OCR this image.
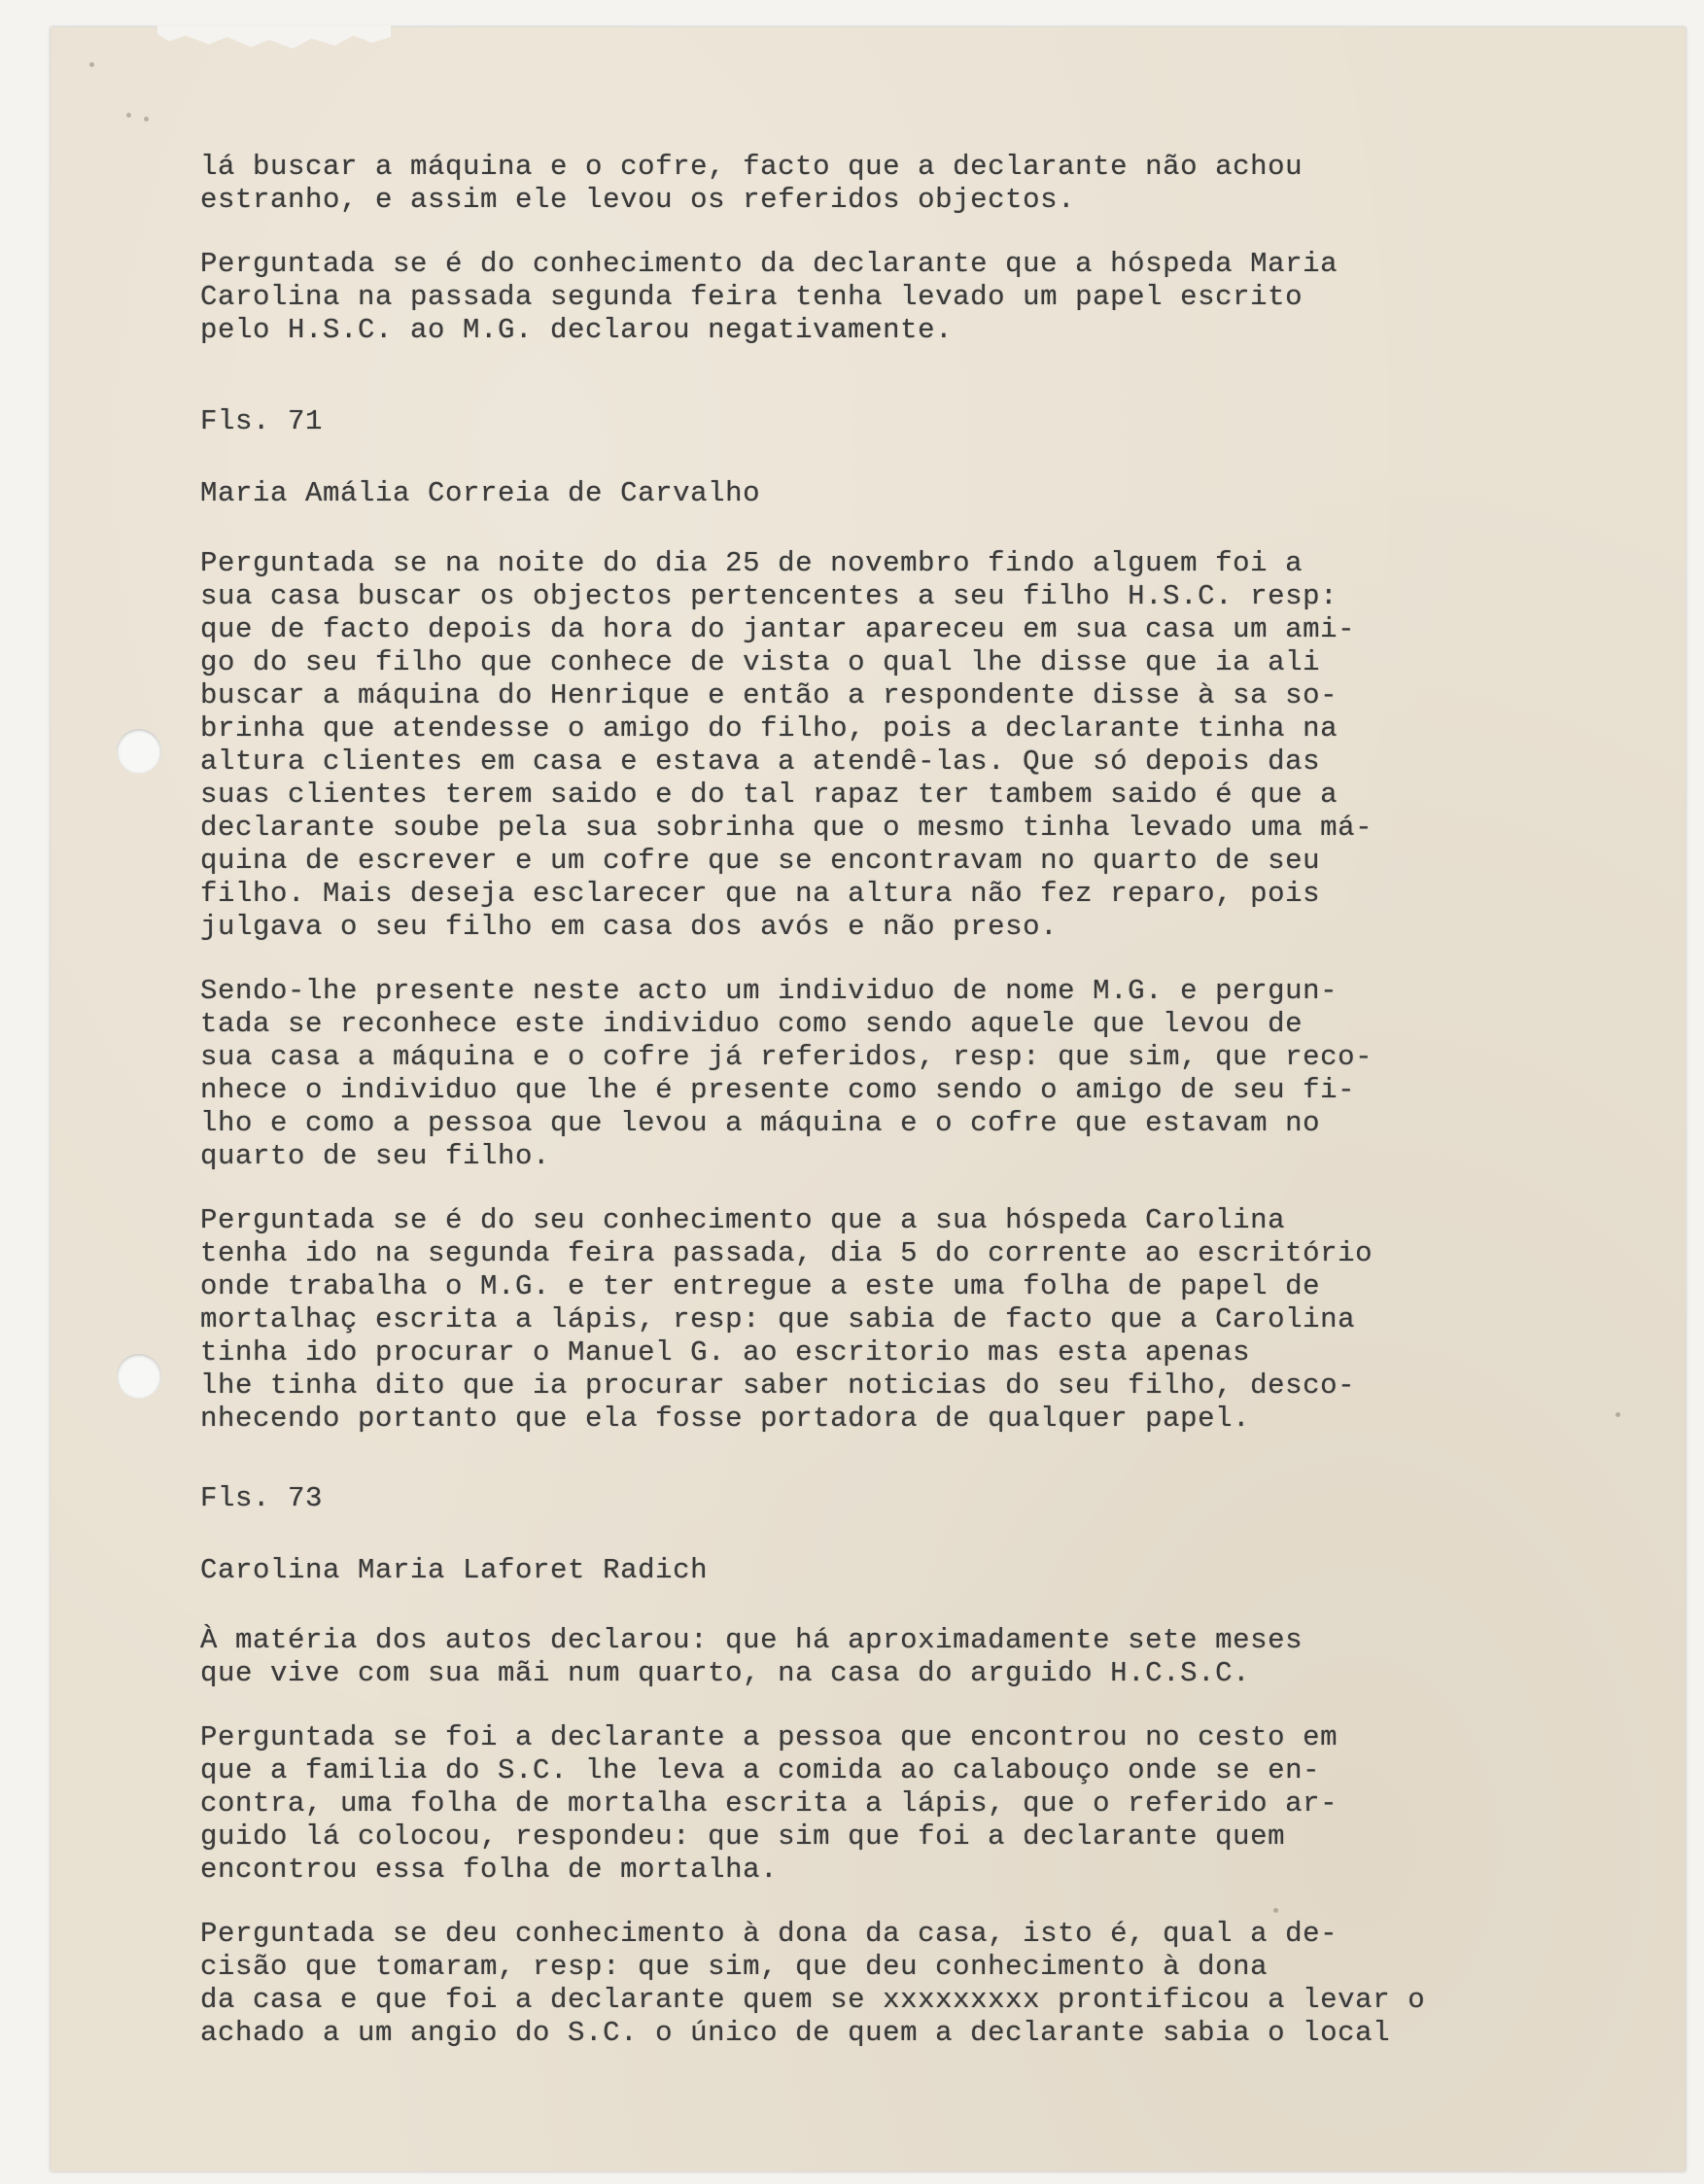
lá buscar a máquina e o cofre, facto que a declarante não achou
estranho, e assim ele levou os referidos objectos.
Perguntada se é do conhecimento da declarante que a hóspeda Maria
Carolina na passada segunda feira tenha levado um papel escrito
pelo H.S.C. ao M.G. declarou negativamente.
Fls. 71
Maria Amália Correia de Carvalho
Perguntada se na noite do dia 25 de novembro findo alguem foi a
sua casa buscar os objectos pertencentes a seu filho H.S.C. resp:
que de facto depois da hora do jantar apareceu em sua casa um ami-
go do seu filho que conhece de vista o qual lhe disse que ia ali
buscar a máquina do Henrique e então a respondente disse à sa so-
brinha que atendesse o amigo do filho, pois a declarante tinha na
altura clientes em casa e estava a atendê-las. Que só depois das
suas clientes terem saido e do tal rapaz ter tambem saido é que a
declarante soube pela sua sobrinha que o mesmo tinha levado uma má-
quina de escrever e um cofre que se encontravam no quarto de seu
filho. Mais deseja esclarecer que na altura não fez reparo, pois
julgava o seu filho em casa dos avós e não preso.
Sendo-lhe presente neste acto um individuo de nome M.G. e pergun-
tada se reconhece este individuo como sendo aquele que levou de
sua casa a máquina e o cofre já referidos, resp: que sim, que reco-
nhece o individuo que lhe é presente como sendo o amigo de seu fi-
lho e como a pessoa que levou a máquina e o cofre que estavam no
quarto de seu filho.
Perguntada se é do seu conhecimento que a sua hóspeda Carolina
tenha ido na segunda feira passada, dia 5 do corrente ao escritório
onde trabalha o M.G. e ter entregue a este uma folha de papel de
mortalhaç escrita a lápis, resp: que sabia de facto que a Carolina
tinha ido procurar o Manuel G. ao escritorio mas esta apenas
lhe tinha dito que ia procurar saber noticias do seu filho, desco-
nhecendo portanto que ela fosse portadora de qualquer papel.
Fls. 73
Carolina Maria Laforet Radich
À matéria dos autos declarou: que há aproximadamente sete meses
que vive com sua mãi num quarto, na casa do arguido H.C.S.C.
Perguntada se foi a declarante a pessoa que encontrou no cesto em
que a familia do S.C. lhe leva a comida ao calabouço onde se en-
contra, uma folha de mortalha escrita a lápis, que o referido ar-
guido lá colocou, respondeu: que sim que foi a declarante quem
encontrou essa folha de mortalha.
Perguntada se deu conhecimento à dona da casa, isto é, qual a de-
cisão que tomaram, resp: que sim, que deu conhecimento à dona
da casa e que foi a declarante quem se xxxxxxxxx prontificou a levar o
achado a um angio do S.C. o único de quem a declarante sabia o local
